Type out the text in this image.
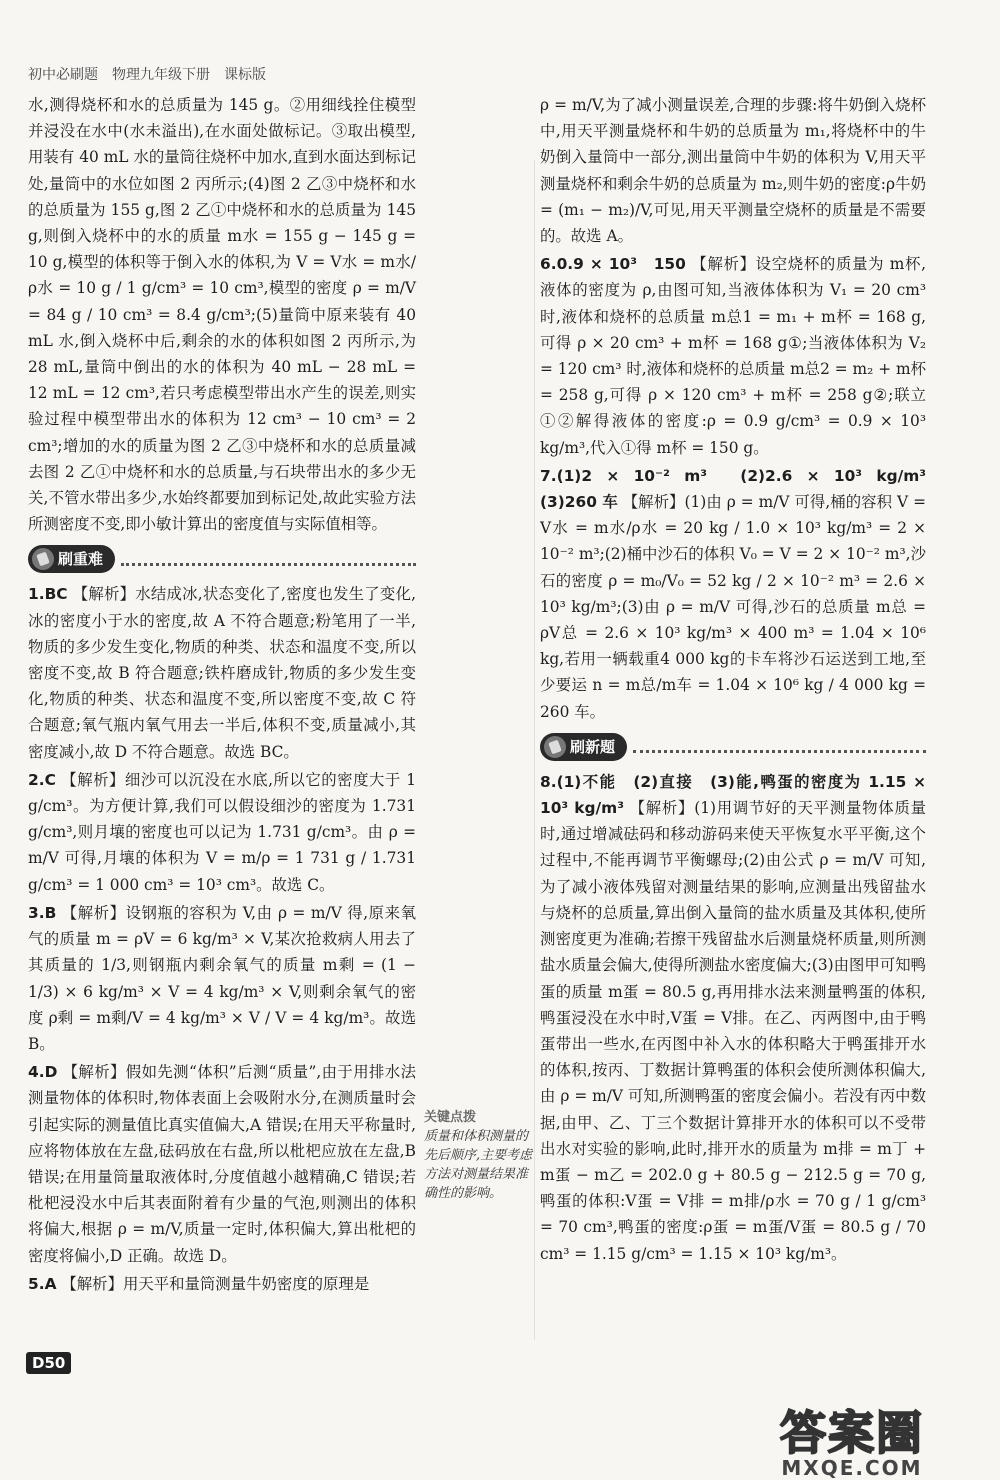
初中必刷题　物理九年级下册　课标版

水,测得烧杯和水的总质量为 145 g。②用细线拴住模型并浸没在水中(水未溢出),在水面处做标记。③取出模型,用装有 40 mL 水的量筒往烧杯中加水,直到水面达到标记处,量筒中的水位如图 2 丙所示;(4)图 2 乙③中烧杯和水的总质量为 155 g,图 2 乙①中烧杯和水的总质量为 145 g,则倒入烧杯中的水的质量 m水 = 155 g − 145 g = 10 g,模型的体积等于倒入水的体积,为 V = V水 = m水/ρ水 = 10 g / 1 g/cm³ = 10 cm³,模型的密度 ρ = m/V = 84 g / 10 cm³ = 8.4 g/cm³;(5)量筒中原来装有 40 mL 水,倒入烧杯中后,剩余的水的体积如图 2 丙所示,为 28 mL,量筒中倒出的水的体积为 40 mL − 28 mL = 12 mL = 12 cm³,若只考虑模型带出水产生的误差,则实验过程中模型带出水的体积为 12 cm³ − 10 cm³ = 2 cm³;增加的水的质量为图 2 乙③中烧杯和水的总质量减去图 2 乙①中烧杯和水的总质量,与石块带出水的多少无关,不管水带出多少,水始终都要加到标记处,故此实验方法所测密度不变,即小敏计算出的密度值与实际值相等。

刷重难

1.BC 【解析】水结成冰,状态变化了,密度也发生了变化,冰的密度小于水的密度,故 A 不符合题意;粉笔用了一半,物质的多少发生变化,物质的种类、状态和温度不变,所以密度不变,故 B 符合题意;铁杵磨成针,物质的多少发生变化,物质的种类、状态和温度不变,所以密度不变,故 C 符合题意;氧气瓶内氧气用去一半后,体积不变,质量减小,其密度减小,故 D 不符合题意。故选 BC。

2.C 【解析】细沙可以沉没在水底,所以它的密度大于 1 g/cm³。为方便计算,我们可以假设细沙的密度为 1.731 g/cm³,则月壤的密度也可以记为 1.731 g/cm³。由 ρ = m/V 可得,月壤的体积为 V = m/ρ = 1 731 g / 1.731 g/cm³ = 1 000 cm³ = 10³ cm³。故选 C。

3.B 【解析】设钢瓶的容积为 V,由 ρ = m/V 得,原来氧气的质量 m = ρV = 6 kg/m³ × V,某次抢救病人用去了其质量的 1/3,则钢瓶内剩余氧气的质量 m剩 = (1 − 1/3) × 6 kg/m³ × V = 4 kg/m³ × V,则剩余氧气的密度 ρ剩 = m剩/V = 4 kg/m³ × V / V = 4 kg/m³。故选 B。

4.D 【解析】假如先测“体积”后测“质量”,由于用排水法测量物体的体积时,物体表面上会吸附水分,在测质量时会引起实际的测量值比真实值偏大,A 错误;在用天平称量时,应将物体放在左盘,砝码放在右盘,所以枇杷应放在左盘,B 错误;在用量筒量取液体时,分度值越小越精确,C 错误;若枇杷浸没水中后其表面附着有少量的气泡,则测出的体积将偏大,根据 ρ = m/V,质量一定时,体积偏大,算出枇杷的密度将偏小,D 正确。故选 D。

5.A 【解析】用天平和量筒测量牛奶密度的原理是

ρ = m/V,为了减小测量误差,合理的步骤:将牛奶倒入烧杯中,用天平测量烧杯和牛奶的总质量为 m₁,将烧杯中的牛奶倒入量筒中一部分,测出量筒中牛奶的体积为 V,用天平测量烧杯和剩余牛奶的总质量为 m₂,则牛奶的密度:ρ牛奶 = (m₁ − m₂)/V,可见,用天平测量空烧杯的质量是不需要的。故选 A。

6.0.9 × 10³　150 【解析】设空烧杯的质量为 m杯,液体的密度为 ρ,由图可知,当液体体积为 V₁ = 20 cm³ 时,液体和烧杯的总质量 m总1 = m₁ + m杯 = 168 g,可得 ρ × 20 cm³ + m杯 = 168 g①;当液体体积为 V₂ = 120 cm³ 时,液体和烧杯的总质量 m总2 = m₂ + m杯 = 258 g,可得 ρ × 120 cm³ + m杯 = 258 g②;联立①②解得液体的密度:ρ = 0.9 g/cm³ = 0.9 × 10³ kg/m³,代入①得 m杯 = 150 g。

7.(1)2 × 10⁻² m³　(2)2.6 × 10³ kg/m³　(3)260 车 【解析】(1)由 ρ = m/V 可得,桶的容积 V = V水 = m水/ρ水 = 20 kg / 1.0 × 10³ kg/m³ = 2 × 10⁻² m³;(2)桶中沙石的体积 V₀ = V = 2 × 10⁻² m³,沙石的密度 ρ = m₀/V₀ = 52 kg / 2 × 10⁻² m³ = 2.6 × 10³ kg/m³;(3)由 ρ = m/V 可得,沙石的总质量 m总 = ρV总 = 2.6 × 10³ kg/m³ × 400 m³ = 1.04 × 10⁶ kg,若用一辆载重4 000 kg的卡车将沙石运送到工地,至少要运 n = m总/m车 = 1.04 × 10⁶ kg / 4 000 kg = 260 车。

刷新题

8.(1)不能　(2)直接　(3)能,鸭蛋的密度为 1.15 × 10³ kg/m³ 【解析】(1)用调节好的天平测量物体质量时,通过增减砝码和移动游码来使天平恢复水平平衡,这个过程中,不能再调节平衡螺母;(2)由公式 ρ = m/V 可知,为了减小液体残留对测量结果的影响,应测量出残留盐水与烧杯的总质量,算出倒入量筒的盐水质量及其体积,使所测密度更为准确;若擦干残留盐水后测量烧杯质量,则所测盐水质量会偏大,使得所测盐水密度偏大;(3)由图甲可知鸭蛋的质量 m蛋 = 80.5 g,再用排水法来测量鸭蛋的体积,鸭蛋浸没在水中时,V蛋 = V排。在乙、丙两图中,由于鸭蛋带出一些水,在丙图中补入水的体积略大于鸭蛋排开水的体积,按丙、丁数据计算鸭蛋的体积会使所测体积偏大,由 ρ = m/V 可知,所测鸭蛋的密度会偏小。若没有丙中数据,由甲、乙、丁三个数据计算排开水的体积可以不受带出水对实验的影响,此时,排开水的质量为 m排 = m丁 + m蛋 − m乙 = 202.0 g + 80.5 g − 212.5 g = 70 g,鸭蛋的体积:V蛋 = V排 = m排/ρ水 = 70 g / 1 g/cm³ = 70 cm³,鸭蛋的密度:ρ蛋 = m蛋/V蛋 = 80.5 g / 70 cm³ = 1.15 g/cm³ = 1.15 × 10³ kg/m³。

关键点拨
质量和体积测量的先后顺序,主要考虑方法对测量结果准确性的影响。
D50
答案圈
MXQE.COM
